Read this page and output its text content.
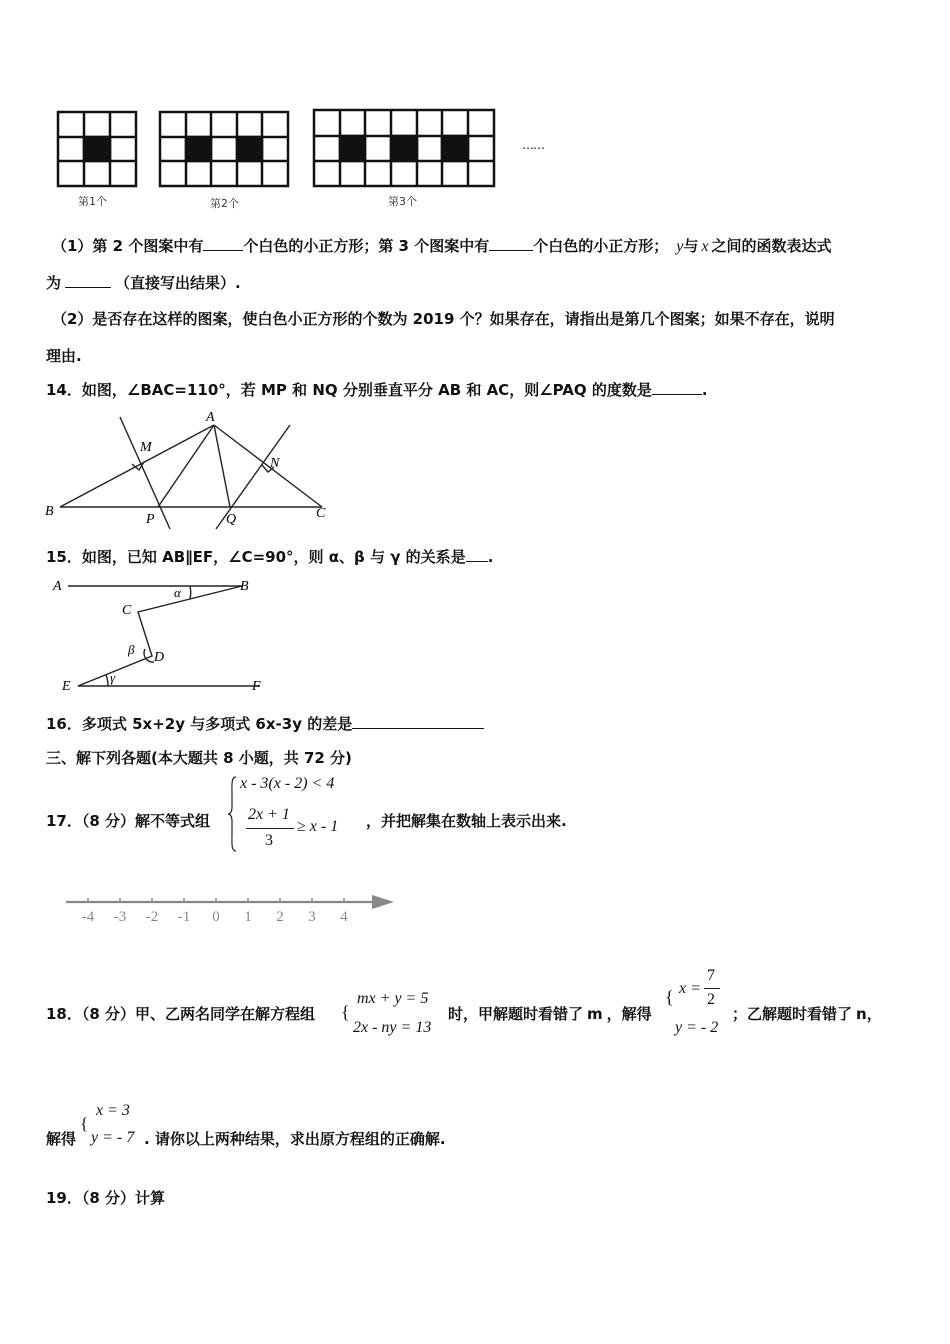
第1个	第2个	第3个
……
（1）第 2 个图案中有	个白色的小正方形；第 3 个图案中有	个白色的小正方形； y与 x 之间的函数表达式
为	（直接写出结果）.
（2）是否存在这样的图案，使白色小正方形的个数为 2019 个？如果存在，请指出是第几个图案；如果不存在，说明
理由.
14．如图，∠BAC=110°，若 MP 和 NQ 分别垂直平分 AB 和 AC，则∠PAQ 的度数是	.
A
M
N
B
P	Q	C
15．如图，已知 AB∥EF，∠C=90°，则 α、β 与 γ 的关系是 .
A	B
α
C
β
D
E
γ
F
16．多项式 5x+2y 与多项式 6x-3y 的差是
三、解下列各题(本大题共 8 小题，共 72 分)
17．（8 分）解不等式组
x - 3(x - 2) < 4
2x + 1
3
≥ x - 1 ，并把解集在数轴上表示出来.
-4 -3 -2 -1 0 1 2 3 4
18．（8 分）甲、乙两名同学在解方程组 {
mx + y = 5
2x - ny = 13
时，甲解题时看错了 m ，解得
{ x =
7
2
y = - 2
；乙解题时看错了 n，
解得
{
x = 3
y = - 7 . 请你以上两种结果，求出原方程组的正确解.
19．（8 分）计算
